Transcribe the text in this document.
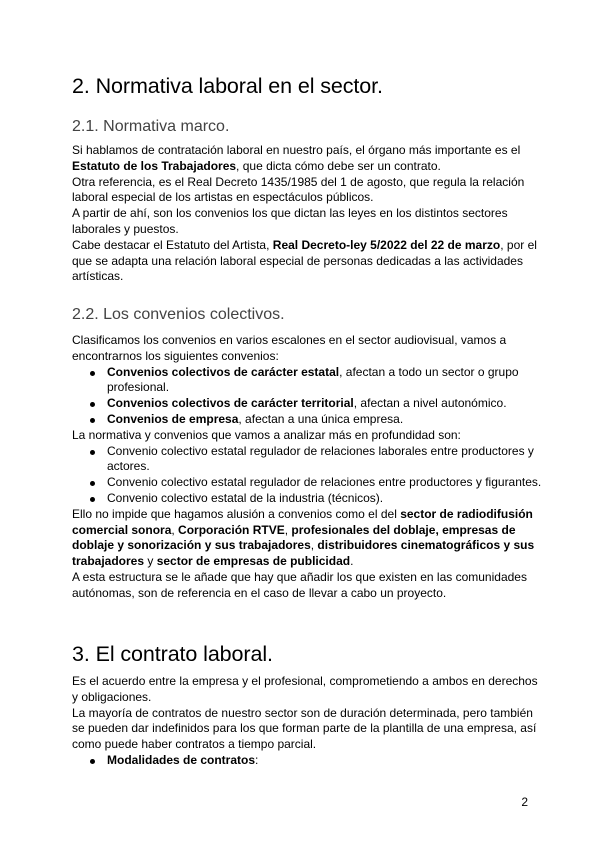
2. Normativa laboral en el sector.
2.1. Normativa marco.

Si hablamos de contratación laboral en nuestro país, el órgano más importante es el Estatuto de los Trabajadores, que dicta cómo debe ser un contrato.

Otra referencia, es el Real Decreto 1435/1985 del 1 de agosto, que regula la relación laboral especial de los artistas en espectáculos públicos.

A partir de ahí, son los convenios los que dictan las leyes en los distintos sectores laborales y puestos.

Cabe destacar el Estatuto del Artista, Real Decreto-ley 5/2022 del 22 de marzo, por el que se adapta una relación laboral especial de personas dedicadas a las actividades artísticas.

2.2. Los convenios colectivos.

Clasificamos los convenios en varios escalones en el sector audiovisual, vamos a encontrarnos los siguientes convenios:

Convenios colectivos de carácter estatal, afectan a todo un sector o grupo profesional.
Convenios colectivos de carácter territorial, afectan a nivel autonómico.
Convenios de empresa, afectan a una única empresa.

La normativa y convenios que vamos a analizar más en profundidad son:

Convenio colectivo estatal regulador de relaciones laborales entre productores y actores.
Convenio colectivo estatal regulador de relaciones entre productores y figurantes.
Convenio colectivo estatal de la industria (técnicos).

Ello no impide que hagamos alusión a convenios como el del sector de radiodifusión comercial sonora, Corporación RTVE, profesionales del doblaje, empresas de doblaje y sonorización y sus trabajadores, distribuidores cinematográficos y sus trabajadores y sector de empresas de publicidad.

A esta estructura se le añade que hay que añadir los que existen en las comunidades autónomas, son de referencia en el caso de llevar a cabo un proyecto.

3. El contrato laboral.

Es el acuerdo entre la empresa y el profesional, comprometiendo a ambos en derechos y obligaciones.

La mayoría de contratos de nuestro sector son de duración determinada, pero también se pueden dar indefinidos para los que forman parte de la plantilla de una empresa, así como puede haber contratos a tiempo parcial.

Modalidades de contratos:
2
